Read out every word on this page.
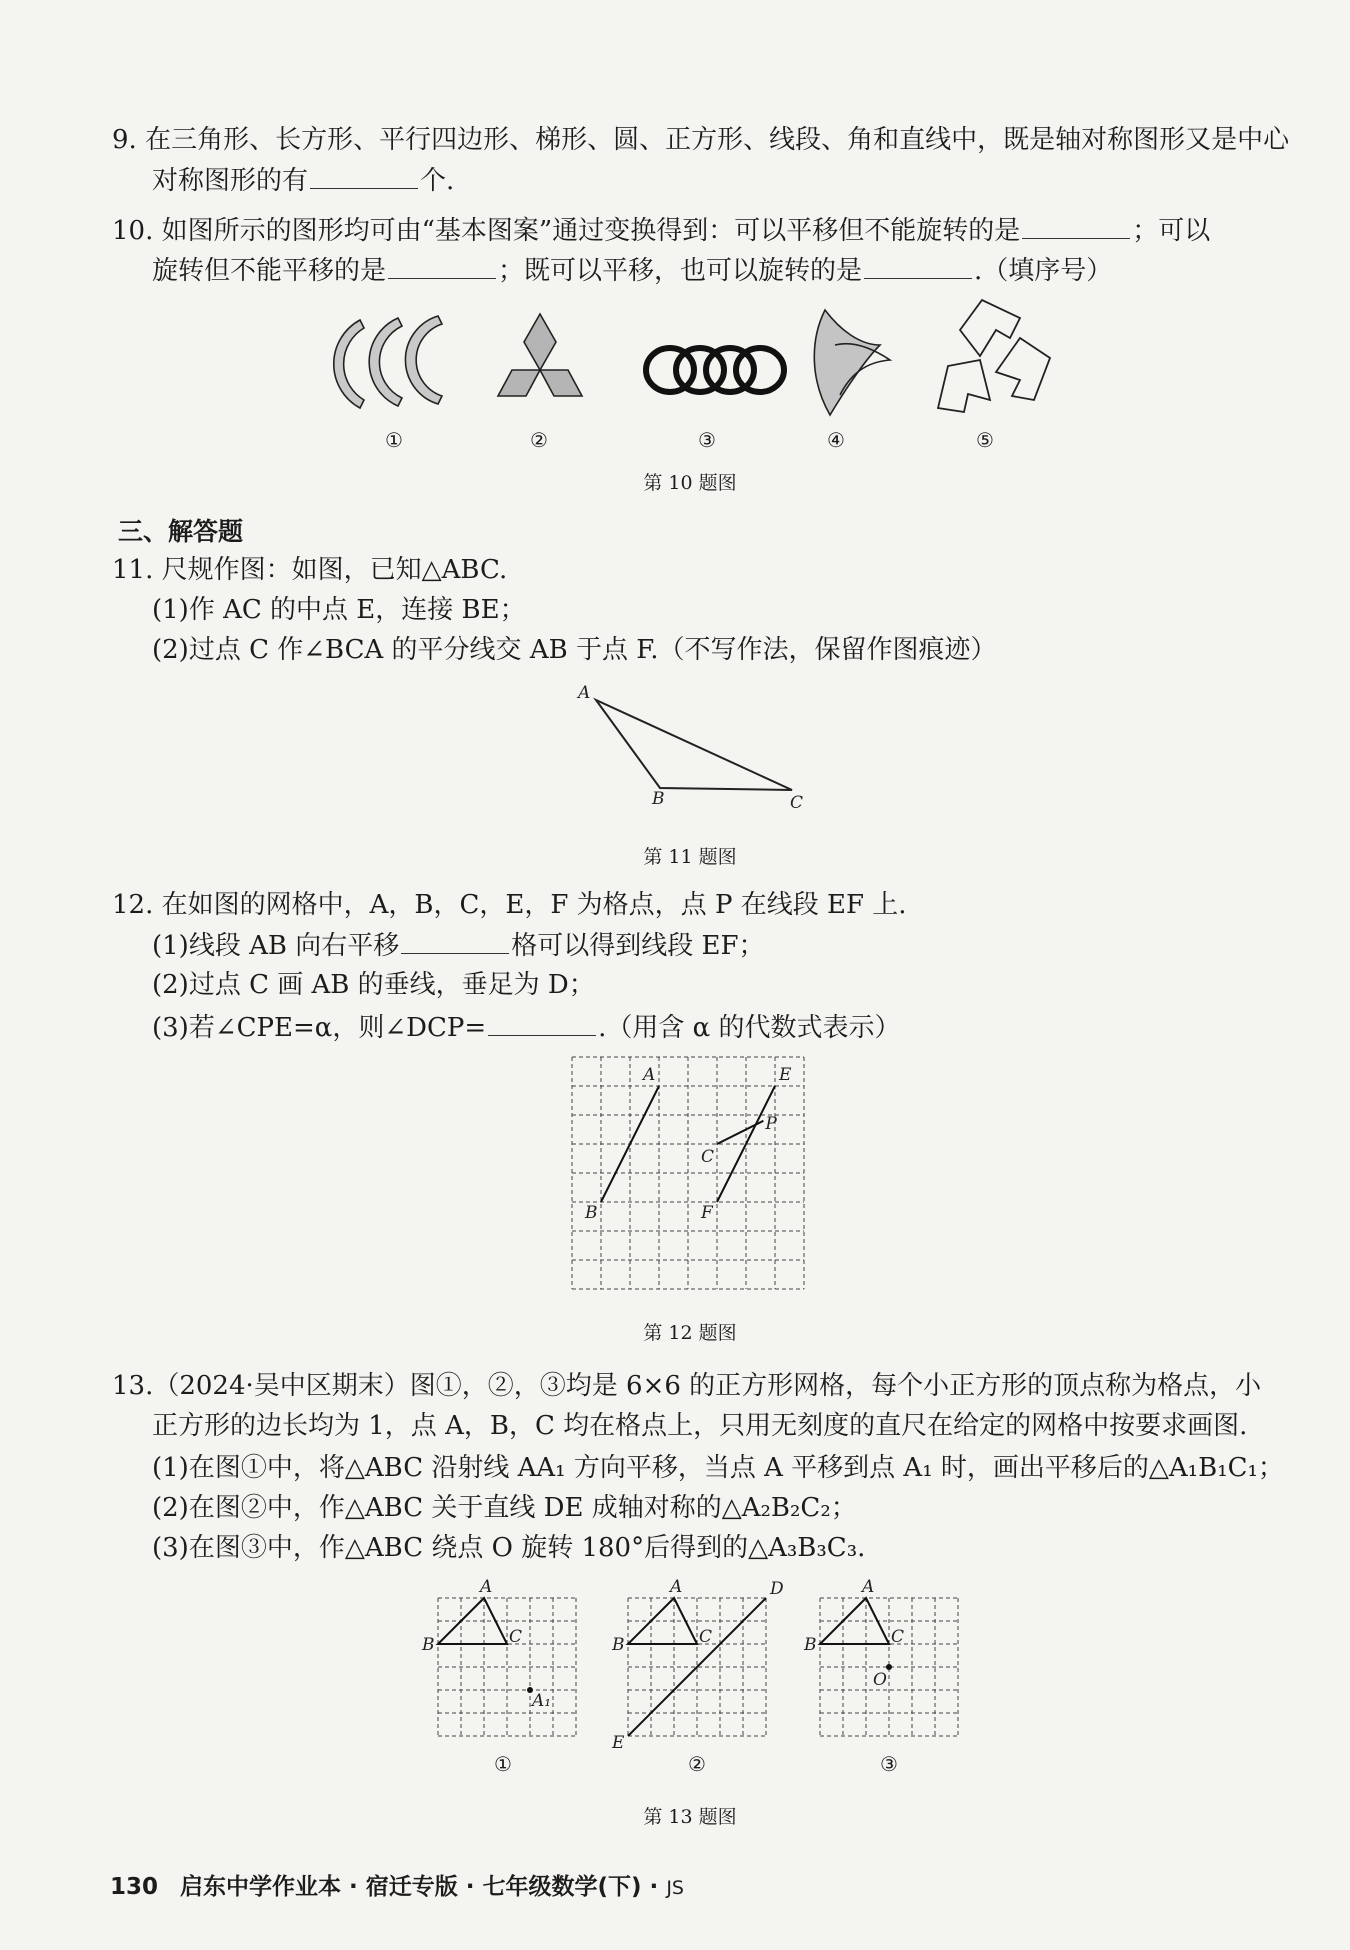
9. 在三角形、长方形、平行四边形、梯形、圆、正方形、线段、角和直线中，既是轴对称图形又是中心
对称图形的有	个.
10. 如图所示的图形均可由“基本图案”通过变换得到：可以平移但不能旋转的是	；可以
旋转但不能平移的是	；既可以平移，也可以旋转的是	.（填序号）
①	②	③	④	⑤
第 10 题图
三、解答题
11. 尺规作图：如图，已知△ABC.
(1)作 AC 的中点 E，连接 BE；
(2)过点 C 作∠BCA 的平分线交 AB 于点 F.（不写作法，保留作图痕迹）
A
B	C
第 11 题图
12. 在如图的网格中，A，B，C，E，F 为格点，点 P 在线段 EF 上.
(1)线段 AB 向右平移	格可以得到线段 EF；
(2)过点 C 画 AB 的垂线，垂足为 D；
(3)若∠CPE=α，则∠DCP=	.（用含 α 的代数式表示）
A	E
P
C
B	F
第 12 题图
13.（2024·吴中区期末）图①，②，③均是 6×6 的正方形网格，每个小正方形的顶点称为格点，小
正方形的边长均为 1，点 A，B，C 均在格点上，只用无刻度的直尺在给定的网格中按要求画图.
(1)在图①中，将△ABC 沿射线 AA₁ 方向平移，当点 A 平移到点 A₁ 时，画出平移后的△A₁B₁C₁；
(2)在图②中，作△ABC 关于直线 DE 成轴对称的△A₂B₂C₂；
(3)在图③中，作△ABC 绕点 O 旋转 180°后得到的△A₃B₃C₃.
A
B	C
A₁
A
B	C
D
E
A
B	C
O
①	②	③
第 13 题图
130 启东中学作业本 · 宿迁专版 · 七年级数学(下) · JS
